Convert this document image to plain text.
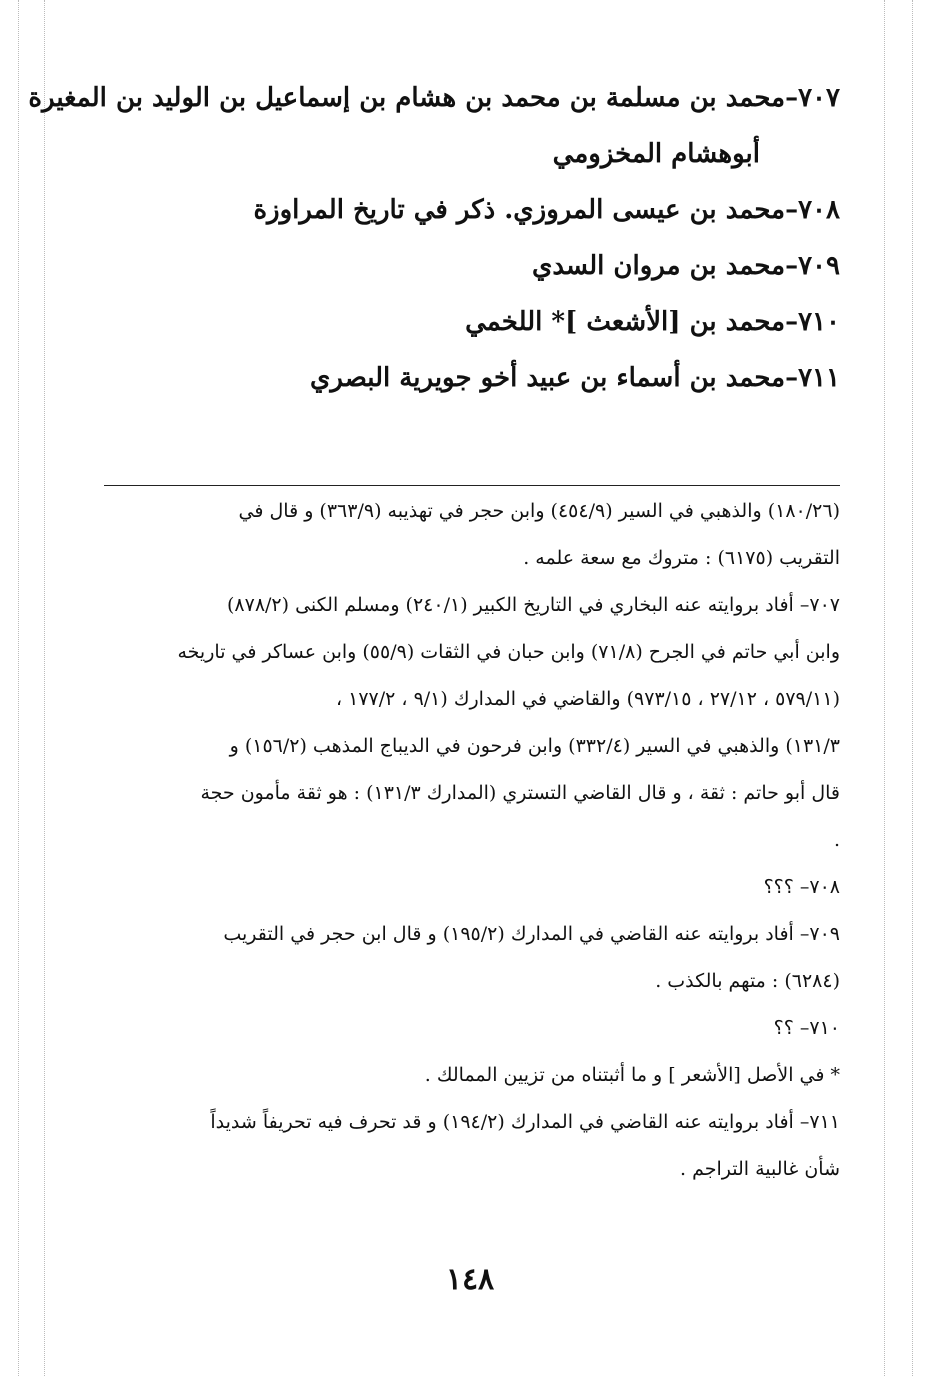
٧٠٧–محمد بن مسلمة بن محمد بن هشام بن إسماعيل بن الوليد بن المغيرة
أبوهشام المخزومي
٧٠٨–محمد بن عيسى المروزي. ذكر في تاريخ المراوزة
٧٠٩–محمد بن مروان السدي
٧١٠–محمد بن [الأشعث ]* اللخمي
٧١١–محمد بن أسماء بن عبيد أخو جويرية البصري
(١٨٠/٢٦) والذهبي في السير (٤٥٤/٩) وابن حجر في تهذيبه (٣٦٣/٩) و قال في
التقريب (٦١٧٥) : متروك مع سعة علمه .
٧٠٧– أفاد بروايته عنه البخاري في التاريخ الكبير (٢٤٠/١) ومسلم الكنى (٨٧٨/٢)
وابن أبي حاتم في الجرح (٧١/٨) وابن حبان في الثقات (٥٥/٩) وابن عساكر في تاريخه
(٥٧٩/١١ ، ٢٧/١٢ ، ٩٧٣/١٥) والقاضي في المدارك (٩/١ ، ١٧٧/٢ ،
١٣١/٣) والذهبي في السير (٣٣٢/٤) وابن فرحون في الديباج المذهب (١٥٦/٢) و
قال أبو حاتم : ثقة ، و قال القاضي التستري (المدارك ١٣١/٣) : هو ثقة مأمون حجة
.
٧٠٨– ؟؟؟
٧٠٩– أفاد بروايته عنه القاضي في المدارك (١٩٥/٢) و قال ابن حجر في التقريب
(٦٢٨٤) : متهم بالكذب .
٧١٠– ؟؟
* في الأصل [الأشعر ] و ما أثبتناه من تزيين الممالك .
٧١١– أفاد بروايته عنه القاضي في المدارك (١٩٤/٢) و قد تحرف فيه تحريفاً شديداً
شأن غالبية التراجم .
١٤٨
